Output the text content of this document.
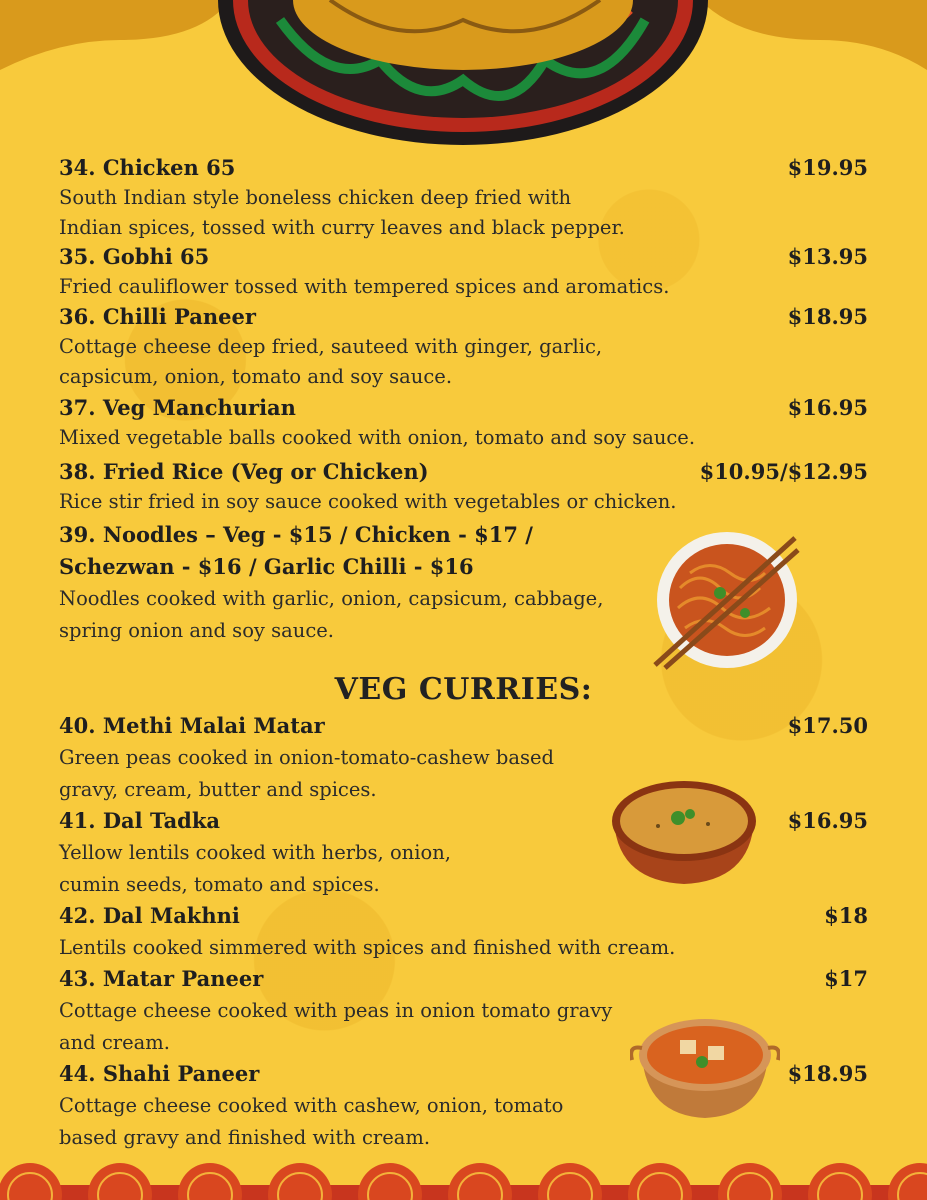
34. Chicken 65	$19.95
South Indian style boneless chicken deep fried with
Indian spices, tossed with curry leaves and black pepper.
35. Gobhi 65	$13.95
Fried cauliflower tossed with tempered spices and aromatics.
36. Chilli Paneer	$18.95
Cottage cheese deep fried, sauteed with ginger, garlic,
capsicum, onion, tomato and soy sauce.
37. Veg Manchurian	$16.95
Mixed vegetable balls cooked with onion, tomato and soy sauce.
38. Fried Rice (Veg or Chicken)	$10.95/$12.95
Rice stir fried in soy sauce cooked with vegetables or chicken.
39. Noodles – Veg - $15 / Chicken - $17 /
Schezwan - $16 / Garlic Chilli - $16
Noodles cooked with garlic, onion, capsicum, cabbage,
spring onion and soy sauce.
VEG CURRIES:
40. Methi Malai Matar	$17.50
Green peas cooked in onion-tomato-cashew based
gravy, cream, butter and spices.
41. Dal Tadka	$16.95
Yellow lentils cooked with herbs, onion,
cumin seeds, tomato and spices.
42. Dal Makhni	$18
Lentils cooked simmered with spices and finished with cream.
43. Matar Paneer	$17
Cottage cheese cooked with peas in onion tomato gravy
and cream.
44. Shahi Paneer	$18.95
Cottage cheese cooked with cashew, onion, tomato
based gravy and finished with cream.
